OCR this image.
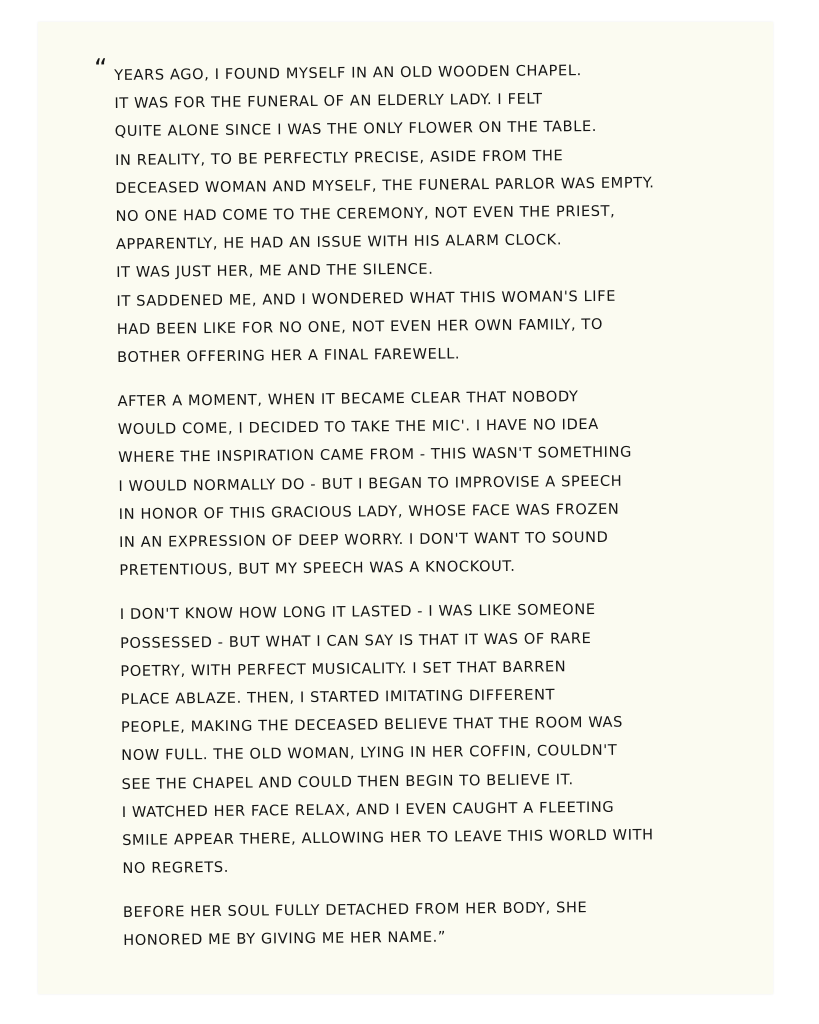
“ YEARS AGO, I FOUND MYSELF IN AN OLD WOODEN CHAPEL.
IT WAS FOR THE FUNERAL OF AN ELDERLY LADY. I FELT
QUITE ALONE SINCE I WAS THE ONLY FLOWER ON THE TABLE.
IN REALITY, TO BE PERFECTLY PRECISE, ASIDE FROM THE
DECEASED WOMAN AND MYSELF, THE FUNERAL PARLOR WAS EMPTY.
NO ONE HAD COME TO THE CEREMONY, NOT EVEN THE PRIEST,
APPARENTLY, HE HAD AN ISSUE WITH HIS ALARM CLOCK.
IT WAS JUST HER, ME AND THE SILENCE.
IT SADDENED ME, AND I WONDERED WHAT THIS WOMAN'S LIFE
HAD BEEN LIKE FOR NO ONE, NOT EVEN HER OWN FAMILY, TO
BOTHER OFFERING HER A FINAL FAREWELL.
AFTER A MOMENT, WHEN IT BECAME CLEAR THAT NOBODY
WOULD COME, I DECIDED TO TAKE THE MIC'. I HAVE NO IDEA
WHERE THE INSPIRATION CAME FROM - THIS WASN'T SOMETHING
I WOULD NORMALLY DO - BUT I BEGAN TO IMPROVISE A SPEECH
IN HONOR OF THIS GRACIOUS LADY, WHOSE FACE WAS FROZEN
IN AN EXPRESSION OF DEEP WORRY. I DON'T WANT TO SOUND
PRETENTIOUS, BUT MY SPEECH WAS A KNOCKOUT.
I DON'T KNOW HOW LONG IT LASTED - I WAS LIKE SOMEONE
POSSESSED - BUT WHAT I CAN SAY IS THAT IT WAS OF RARE
POETRY, WITH PERFECT MUSICALITY. I SET THAT BARREN
PLACE ABLAZE. THEN, I STARTED IMITATING DIFFERENT
PEOPLE, MAKING THE DECEASED BELIEVE THAT THE ROOM WAS
NOW FULL. THE OLD WOMAN, LYING IN HER COFFIN, COULDN'T
SEE THE CHAPEL AND COULD THEN BEGIN TO BELIEVE IT.
I WATCHED HER FACE RELAX, AND I EVEN CAUGHT A FLEETING
SMILE APPEAR THERE, ALLOWING HER TO LEAVE THIS WORLD WITH
NO REGRETS.
BEFORE HER SOUL FULLY DETACHED FROM HER BODY, SHE
HONORED ME BY GIVING ME HER NAME.”
